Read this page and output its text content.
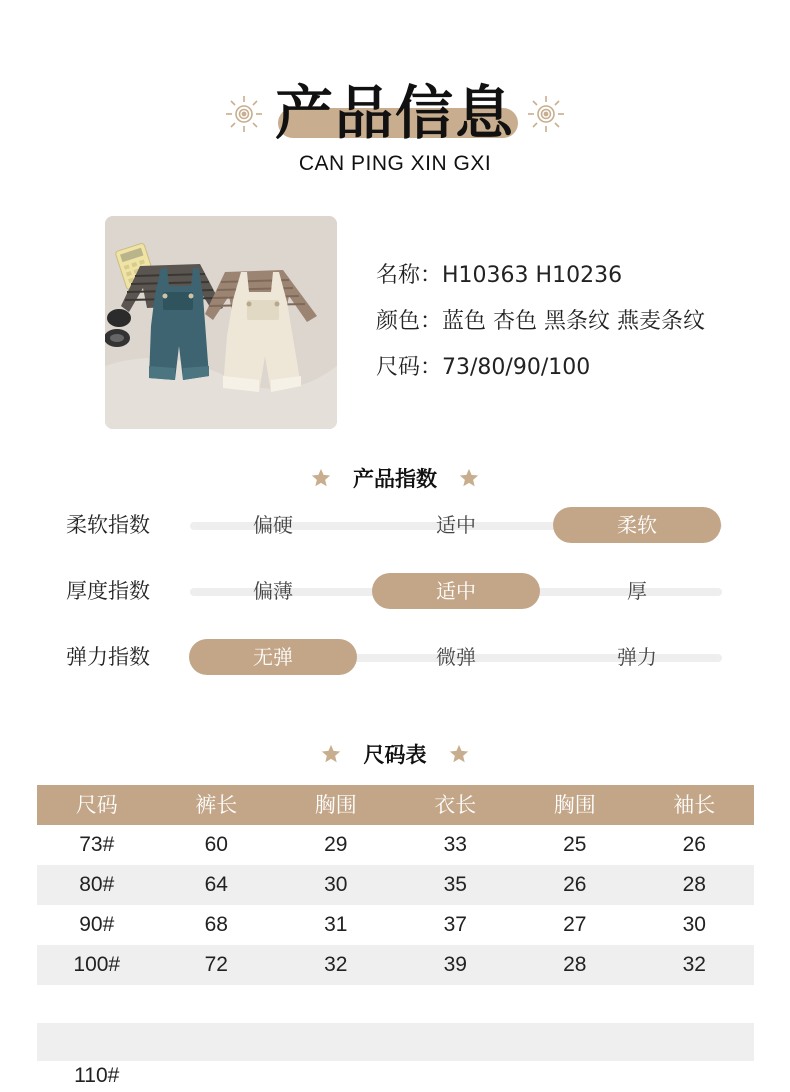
产品信息
CAN PING XIN GXI
名称：H10363 H10236
颜色：蓝色 杏色 黑条纹 燕麦条纹
尺码：73/80/90/100
产品指数
柔软指数	偏硬	适中	柔软
厚度指数	偏薄	适中	厚
弹力指数	无弹	微弹	弹力
尺码表
尺码	裤长	胸围	衣长	胸围	袖长
73#	60	29	33	25	26
80#	64	30	35	26	28
90#	68	31	37	27	30
100#	72	32	39	28	32
110#
